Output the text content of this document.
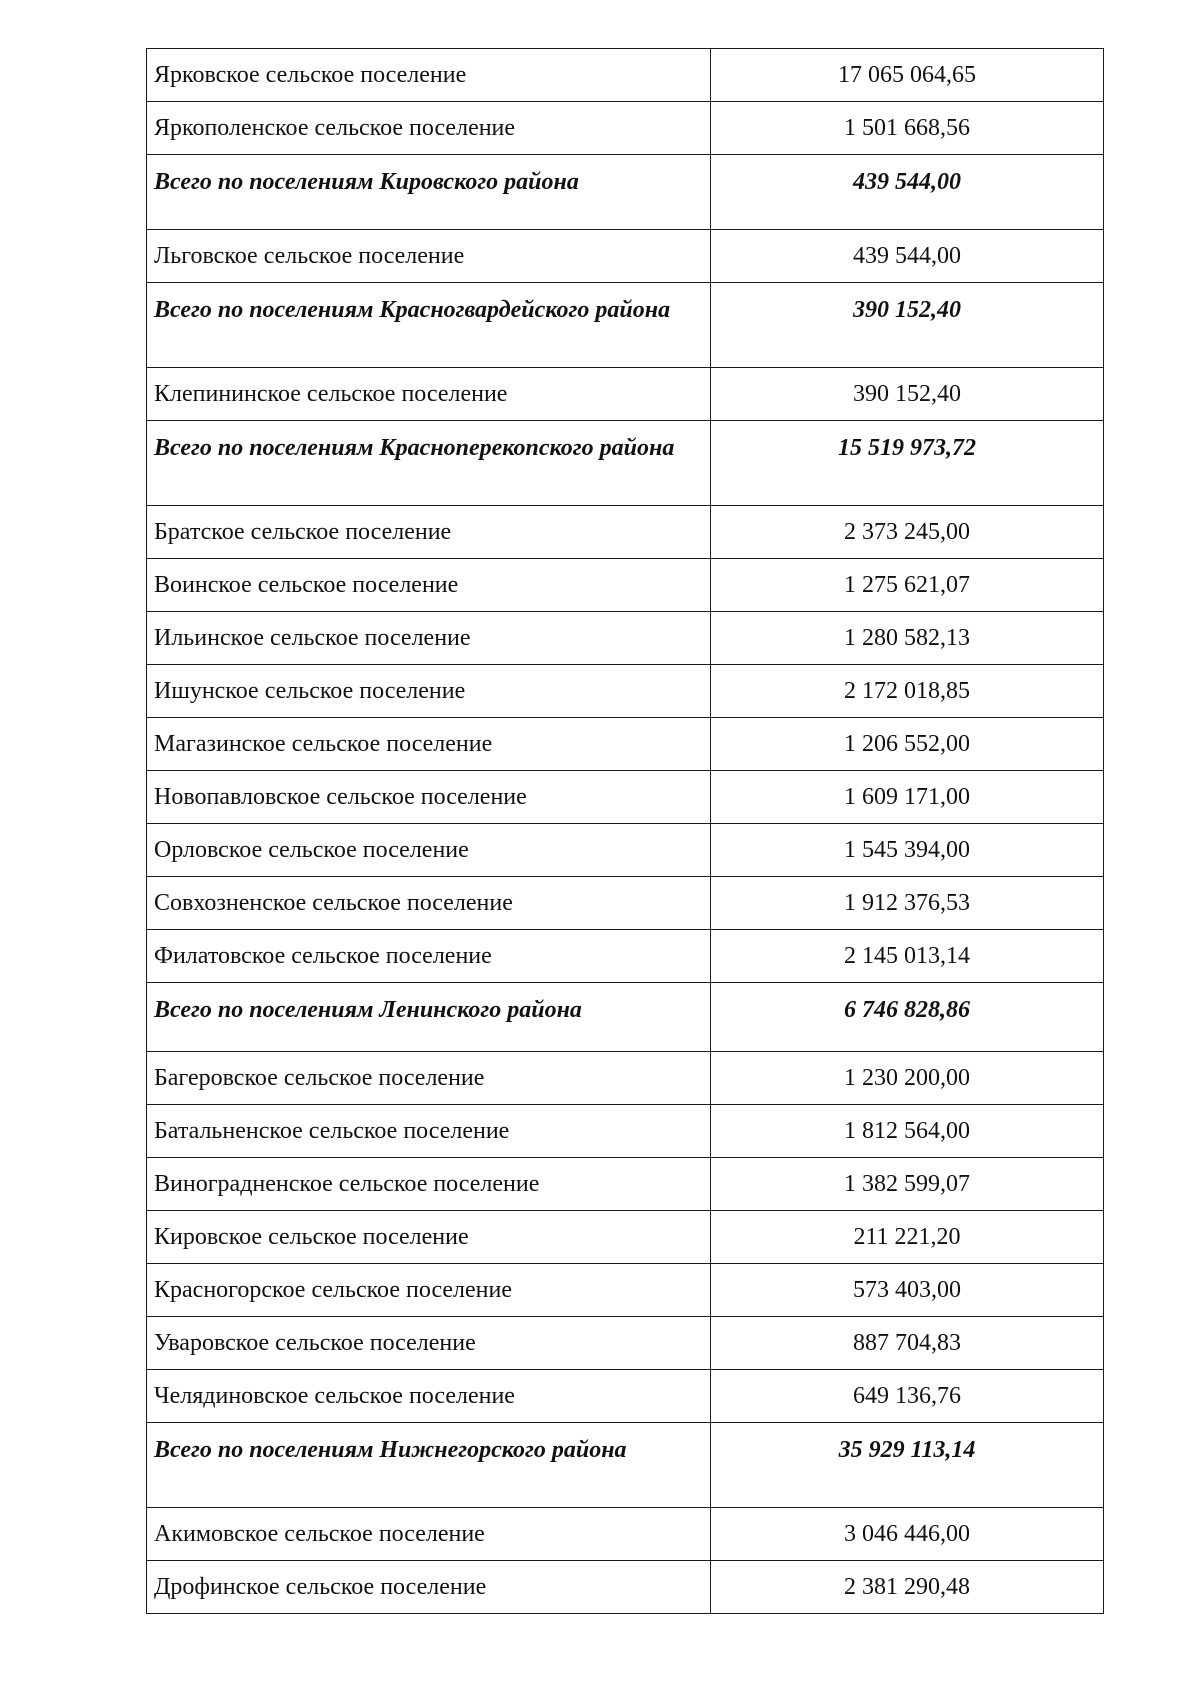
Ярковское сельское поселение	17 065 064,65
Яркополенское сельское поселение	1 501 668,56
Всего по поселениям Кировского района	439 544,00
Льговское сельское поселение	439 544,00
Всего по поселениям Красногвардейского района	390 152,40
Клепининское сельское поселение	390 152,40
Всего по поселениям Красноперекопского района	15 519 973,72
Братское сельское поселение	2 373 245,00
Воинское сельское поселение	1 275 621,07
Ильинское сельское поселение	1 280 582,13
Ишунское сельское поселение	2 172 018,85
Магазинское сельское поселение	1 206 552,00
Новопавловское сельское поселение	1 609 171,00
Орловское сельское поселение	1 545 394,00
Совхозненское сельское поселение	1 912 376,53
Филатовское сельское поселение	2 145 013,14
Всего по поселениям Ленинского района	6 746 828,86
Багеровское сельское поселение	1 230 200,00
Батальненское сельское поселение	1 812 564,00
Виноградненское сельское поселение	1 382 599,07
Кировское сельское поселение	211 221,20
Красногорское сельское поселение	573 403,00
Уваровское сельское поселение	887 704,83
Челядиновское сельское поселение	649 136,76
Всего по поселениям Нижнегорского района	35 929 113,14
Акимовское сельское поселение	3 046 446,00
Дрофинское сельское поселение	2 381 290,48
